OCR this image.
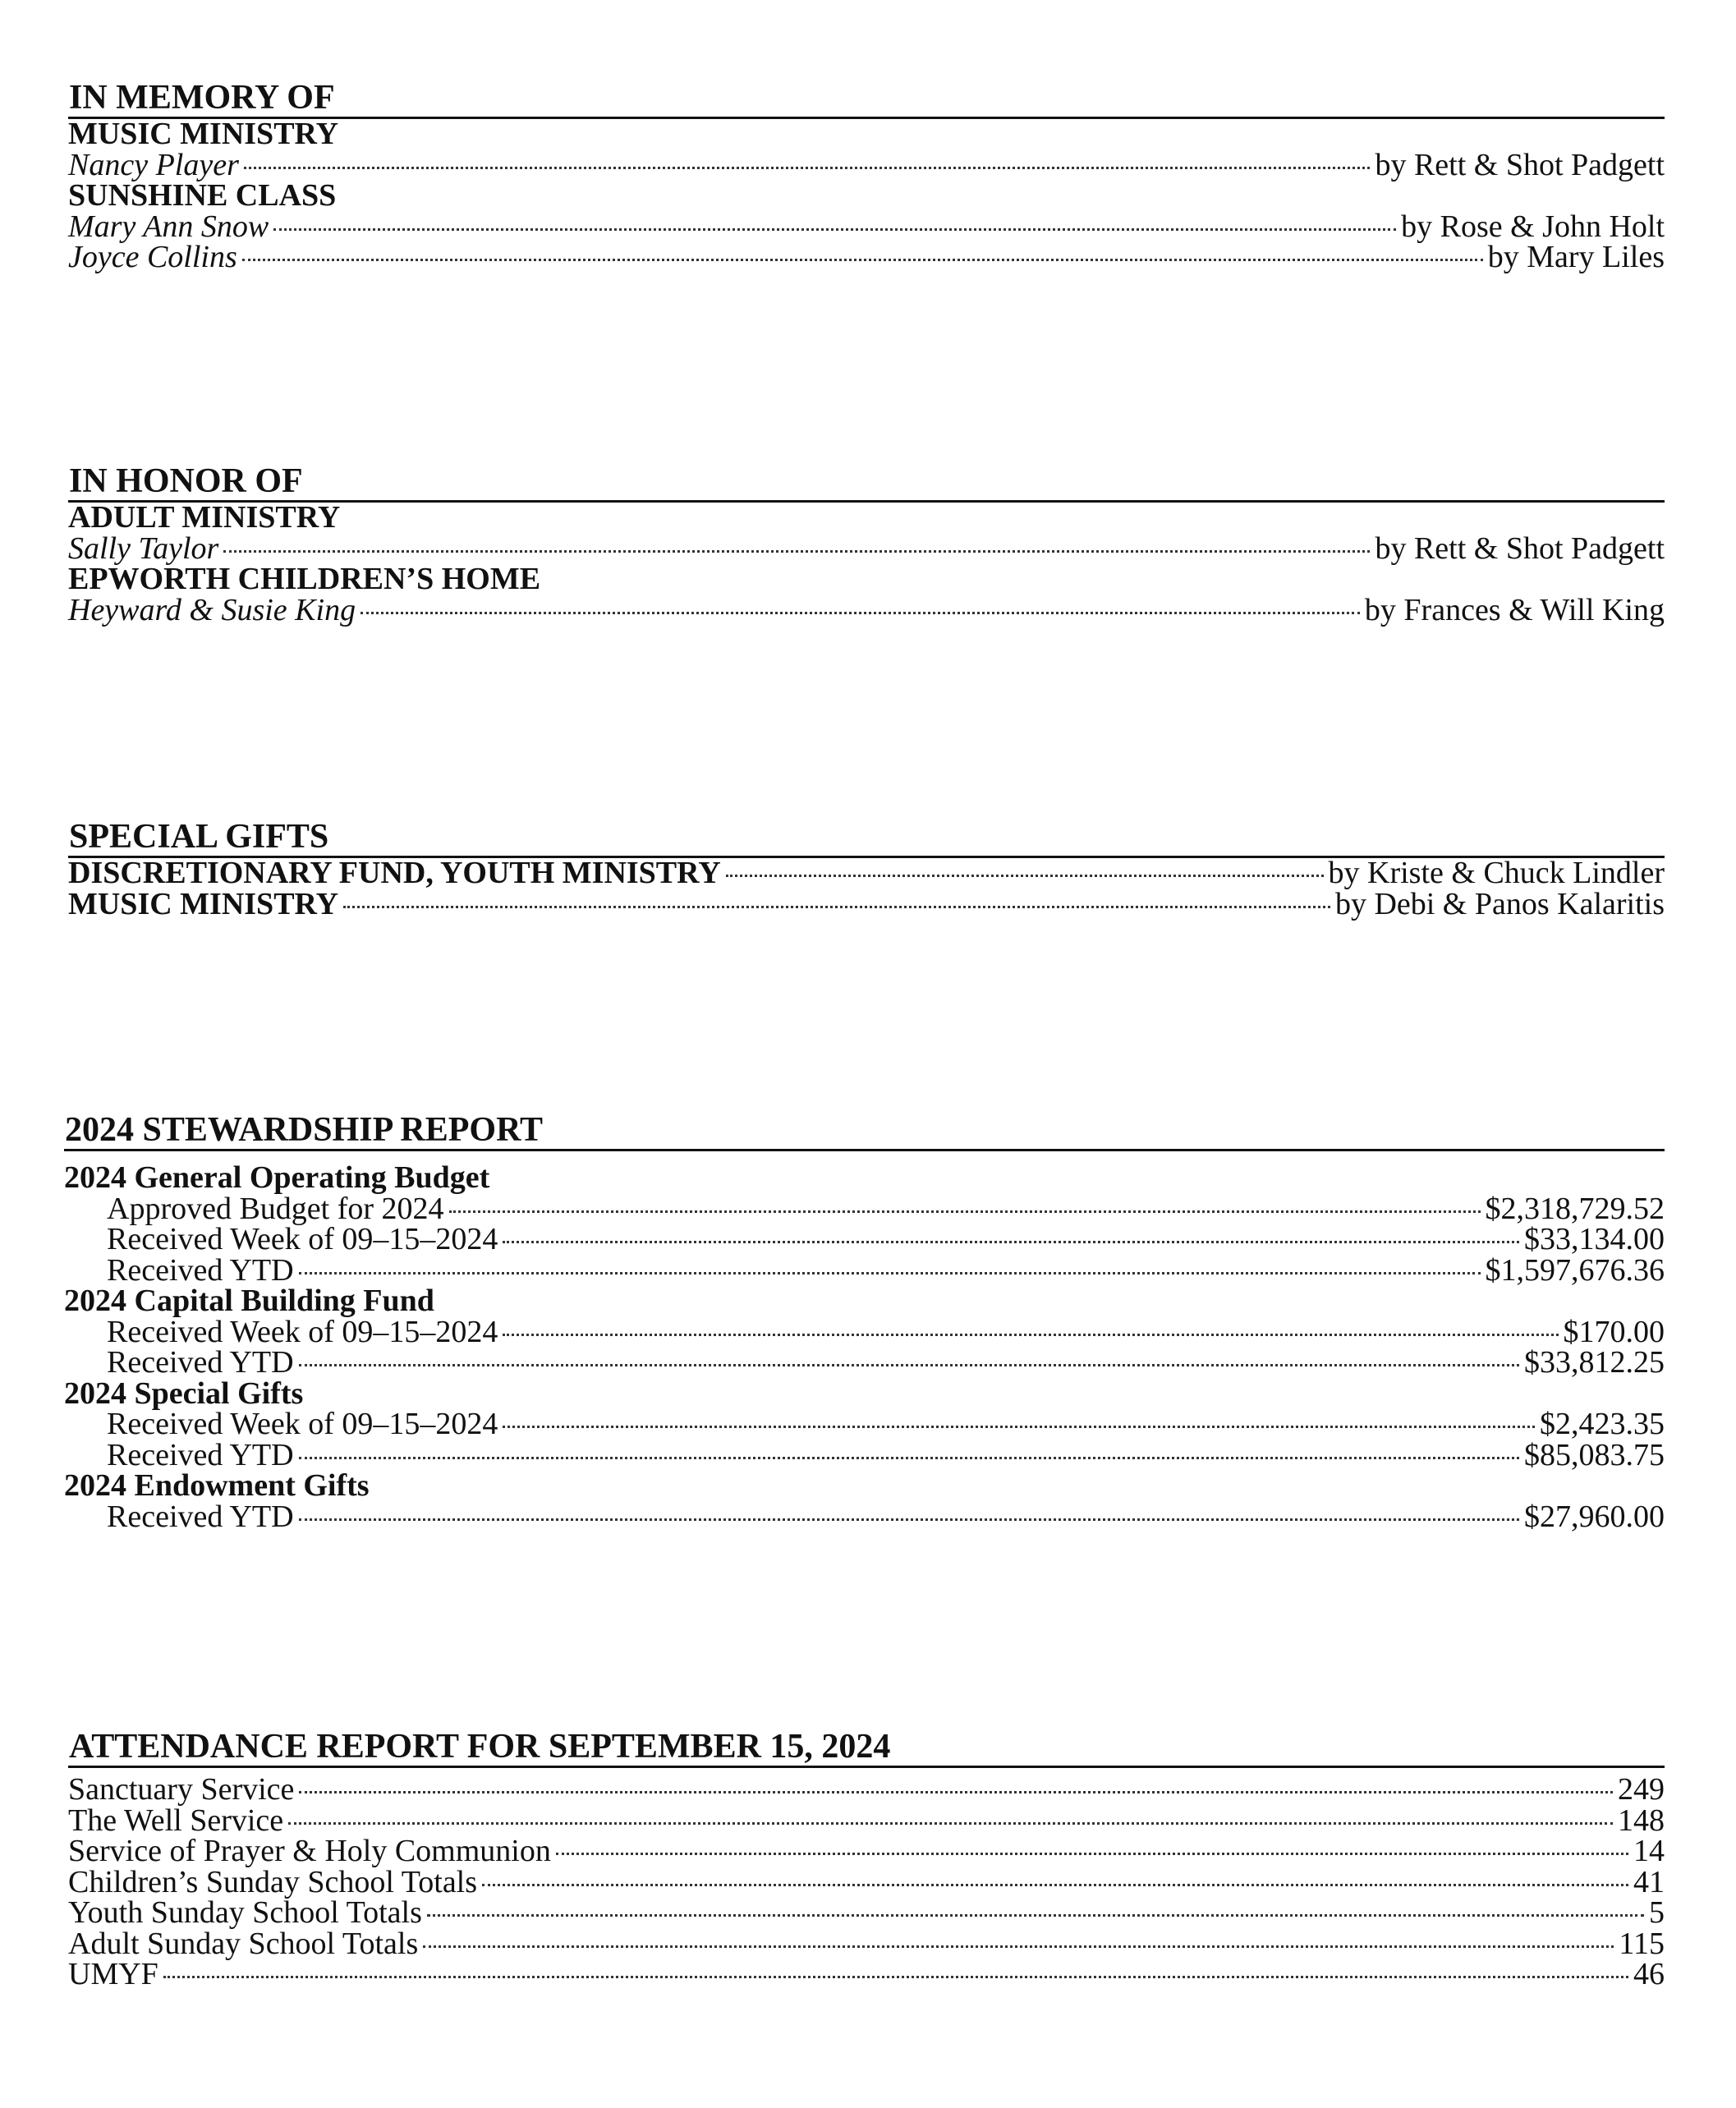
IN MEMORY OF
MUSIC MINISTRY
Nancy Player	by Rett & Shot Padgett
SUNSHINE CLASS
Mary Ann Snow	by Rose & John Holt
Joyce Collins	by Mary Liles
IN HONOR OF
ADULT MINISTRY
Sally Taylor	by Rett & Shot Padgett
EPWORTH CHILDREN’S HOME
Heyward & Susie King	by Frances & Will King
SPECIAL GIFTS
DISCRETIONARY FUND, YOUTH MINISTRY	by Kriste & Chuck Lindler
MUSIC MINISTRY	by Debi & Panos Kalaritis
2024 STEWARDSHIP REPORT
2024 General Operating Budget
Approved Budget for 2024	$2,318,729.52
Received Week of 09–15–2024	$33,134.00
Received YTD	$1,597,676.36
2024 Capital Building Fund
Received Week of 09–15–2024	$170.00
Received YTD	$33,812.25
2024 Special Gifts
Received Week of 09–15–2024	$2,423.35
Received YTD	$85,083.75
2024 Endowment Gifts
Received YTD	$27,960.00
ATTENDANCE REPORT FOR SEPTEMBER 15, 2024
Sanctuary Service	249
The Well Service	148
Service of Prayer & Holy Communion	14
Children’s Sunday School Totals	41
Youth Sunday School Totals	5
Adult Sunday School Totals	115
UMYF	46
